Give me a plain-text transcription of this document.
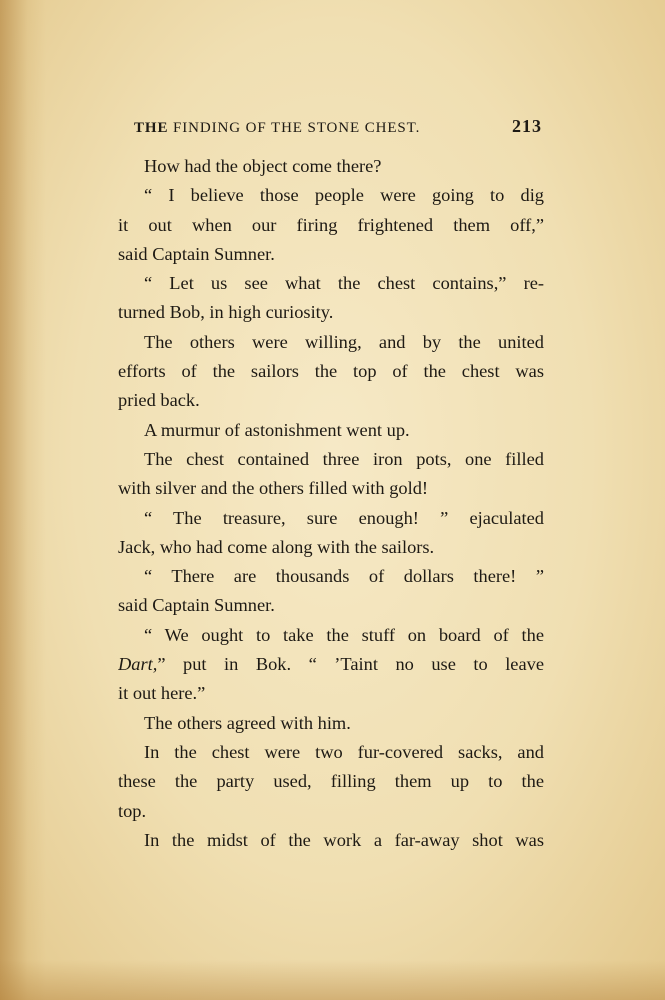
THE FINDING OF THE STONE CHEST.	213
How had the object come there?
“ I believe those people were going to dig
it out when our firing frightened them off,”
said Captain Sumner.
“ Let us see what the chest contains,” re-
turned Bob, in high curiosity.
The others were willing, and by the united
efforts of the sailors the top of the chest was
pried back.
A murmur of astonishment went up.
The chest contained three iron pots, one filled
with silver and the others filled with gold!
“ The treasure, sure enough! ” ejaculated
Jack, who had come along with the sailors.
“ There are thousands of dollars there! ”
said Captain Sumner.
“ We ought to take the stuff on board of the
Dart,” put in Bok. “ ’Taint no use to leave
it out here.”
The others agreed with him.
In the chest were two fur-covered sacks, and
these the party used, filling them up to the
top.
In the midst of the work a far-away shot was
